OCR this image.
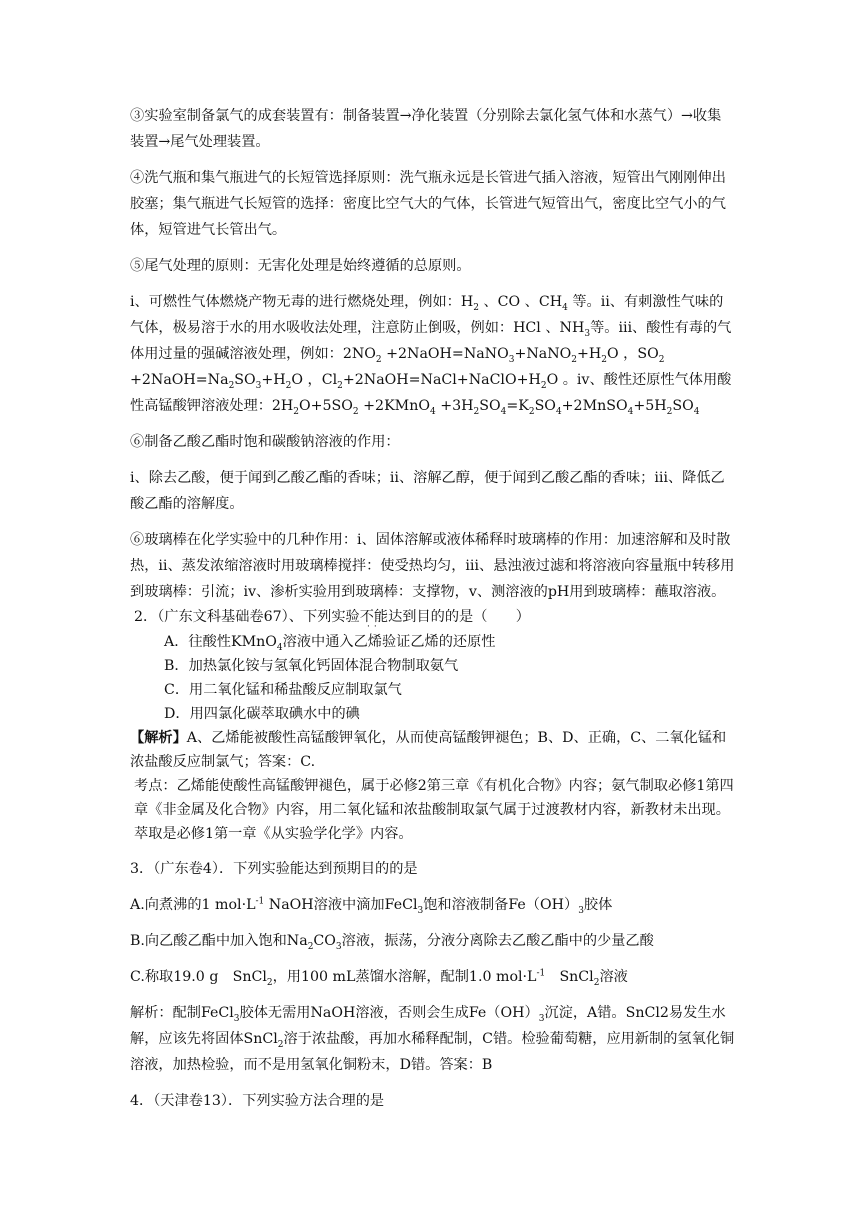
③实验室制备氯气的成套装置有：制备装置→净化装置（分别除去氯化氢气体和水蒸气）→收集装置→尾气处理装置。

④洗气瓶和集气瓶进气的长短管选择原则：洗气瓶永远是长管进气插入溶液，短管出气刚刚伸出胶塞；集气瓶进气长短管的选择：密度比空气大的气体，长管进气短管出气，密度比空气小的气体，短管进气长管出气。

⑤尾气处理的原则：无害化处理是始终遵循的总原则。

ⅰ、可燃性气体燃烧产物无毒的进行燃烧处理，例如：$H_2$ 、CO 、$CH_4$ 等。ⅱ、有刺激性气味的气体，极易溶于水的用水吸收法处理，注意防止倒吸，例如：HCl 、$NH_3$等。ⅲ、酸性有毒的气体用过量的强碱溶液处理，例如：$2NO_2$ $+2NaOH=NaNO_3+NaNO_2+H_2O$ ，$SO_2$ $+2NaOH=Na_2SO_3+H_2O$ ，$Cl_2+2NaOH=NaCl+NaClO+H_2O$ 。ⅳ、酸性还原性气体用酸性高锰酸钾溶液处理：$2H_2O+5SO_2$ +2KMnO$_4$ $+3H_2SO_4=K_2SO_4+2MnSO_4+5H_2SO_4$

⑥制备乙酸乙酯时饱和碳酸钠溶液的作用：

ⅰ、除去乙酸，便于闻到乙酸乙酯的香味；ⅱ、溶解乙醇，便于闻到乙酸乙酯的香味；ⅲ、降低乙酸乙酯的溶解度。

⑥玻璃棒在化学实验中的几种作用：ⅰ、固体溶解或液体稀释时玻璃棒的作用：加速溶解和及时散热，ⅱ、蒸发浓缩溶液时用玻璃棒搅拌：使受热均匀，ⅲ、悬浊液过滤和将溶液向容量瓶中转移用到玻璃棒：引流；ⅳ、渗析实验用到玻璃棒：支撑物，ⅴ、测溶液的pH用到玻璃棒：蘸取溶液。

2．（广东文科基础卷67）、下列实验 不能
··
达到目的的是（　　）

A．往酸性KMnO$_4$溶液中通入乙烯验证乙烯的还原性

B．加热氯化铵与氢氧化钙固体混合物制取氨气

C．用二氧化锰和稀盐酸反应制取氯气

D．用四氯化碳萃取碘水中的碘

【解析】A、乙烯能被酸性高锰酸钾氧化，从而使高锰酸钾褪色；B、D、正确，C、二氧化锰和浓盐酸反应制氯气；答案：C.

考点：乙烯能使酸性高锰酸钾褪色，属于必修2第三章《有机化合物》内容；氨气制取必修1第四章《非金属及化合物》内容，用二氧化锰和浓盐酸制取氯气属于过渡教材内容，新教材未出现。萃取是必修1第一章《从实验学化学》内容。

3．（广东卷4）．下列实验能达到预期目的的是

A.向煮沸的1 $mol\cdot L^{-1}$ NaOH溶液中滴加FeCl$_3$饱和溶液制备$Fe(OH)_3$胶体

B.向乙酸乙酯中加入饱和$Na_2CO_3$溶液，振荡，分液分离除去乙酸乙酯中的少量乙酸

C.称取19.0 g　SnCl$_2$，用100 mL蒸馏水溶解，配制1.0 $mol\cdot L^{-1}$　SnCl$_2$溶液

解析：配制FeCl$_3$胶体无需用NaOH溶液，否则会生成$Fe(OH)_3$沉淀，A错。SnCl2易发生水解，应该先将固体SnCl$_2$溶于浓盐酸，再加水稀释配制，C错。检验葡萄糖，应用新制的氢氧化铜溶液，加热检验，而不是用氢氧化铜粉末，D错。答案：B

4．（天津卷13）．下列实验方法合理的是
